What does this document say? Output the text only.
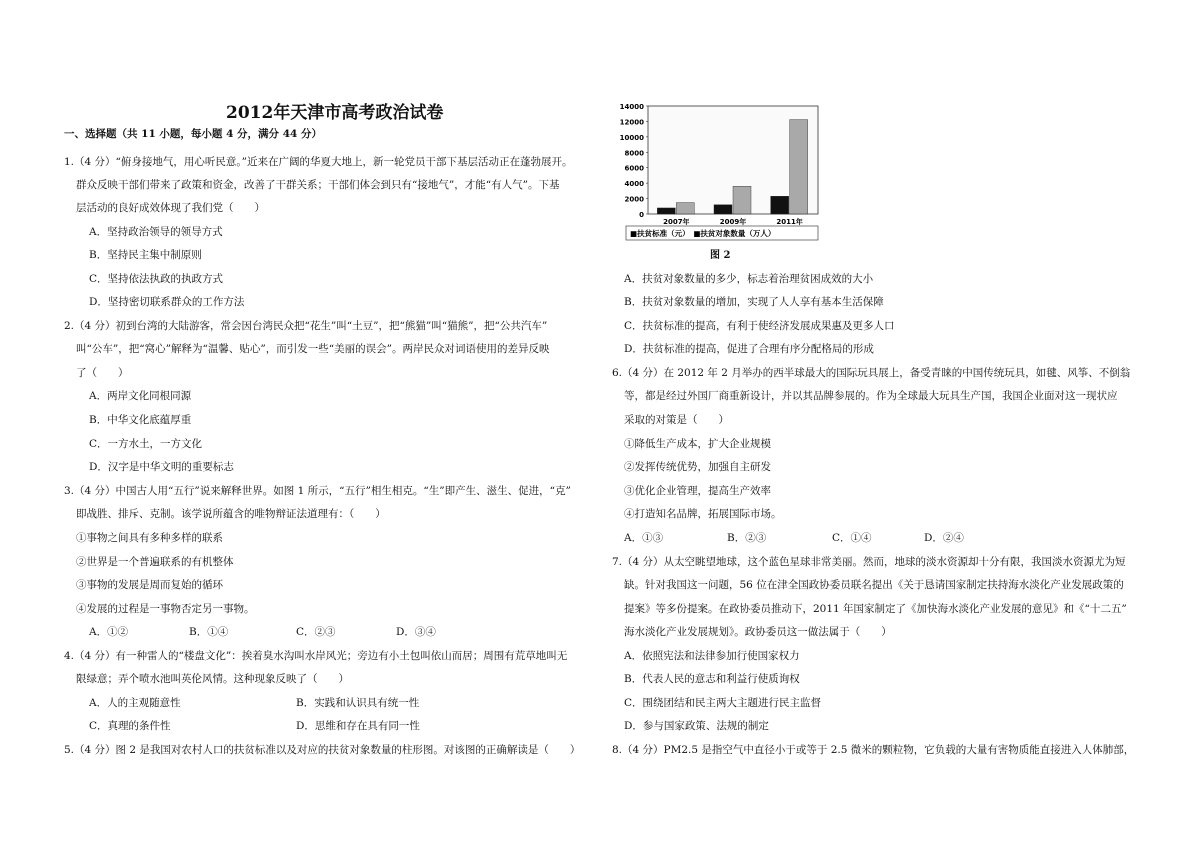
2012年天津市高考政治试卷
一、选择题（共 11 小题，每小题 4 分，满分 44 分）
1.（4 分）“俯身接地气，用心听民意。”近来在广阔的华夏大地上，新一轮党员干部下基层活动正在蓬勃展开。
群众反映干部们带来了政策和资金，改善了干群关系；干部们体会到只有“接地气”，才能“有人气”。下基
层活动的良好成效体现了我们党（　　）
A．坚持政治领导的领导方式
B．坚持民主集中制原则
C．坚持依法执政的执政方式
D．坚持密切联系群众的工作方法
2.（4 分）初到台湾的大陆游客，常会因台湾民众把“花生”叫“土豆”，把“熊猫”叫“猫熊”，把“公共汽车”
叫“公车”，把“窝心”解释为“温馨、贴心”，而引发一些“美丽的误会”。两岸民众对词语使用的差异反映
了（　　）
A．两岸文化同根同源
B．中华文化底蕴厚重
C．一方水土，一方文化
D．汉字是中华文明的重要标志
3.（4 分）中国古人用“五行”说来解释世界。如图 1 所示，“五行”相生相克。“生”即产生、滋生、促进，“克”
即战胜、排斥、克制。该学说所蕴含的唯物辩证法道理有：（　　）
①事物之间具有多种多样的联系
②世界是一个普遍联系的有机整体
③事物的发展是周而复始的循环
④发展的过程是一事物否定另一事物。
4.（4 分）有一种雷人的“楼盘文化”：挨着臭水沟叫水岸风光；旁边有小土包叫依山而居；周围有荒草地叫无
限绿意；弄个喷水池叫英伦风情。这种现象反映了（　　）
5.（4 分）图 2 是我国对农村人口的扶贫标准以及对应的扶贫对象数量的柱形图。对该图的正确解读是（　　）
A．①②	B．①④	C．②③	D．③④
A．人的主观随意性	B．实践和认识具有统一性
C．真理的条件性	D．思维和存在具有同一性
14000
12000
10000
8000
6000
4000
2000
0
2007年	2009年	2011年
■扶贫标准（元）　■扶贫对象数量（万人）
图 2
A．扶贫对象数量的多少，标志着治理贫困成效的大小
B．扶贫对象数量的增加，实现了人人享有基本生活保障
C．扶贫标准的提高，有利于使经济发展成果惠及更多人口
D．扶贫标准的提高，促进了合理有序分配格局的形成
6.（4 分）在 2012 年 2 月举办的西半球最大的国际玩具展上，备受青睐的中国传统玩具，如毽、风筝、不倒翁
等，都是经过外国厂商重新设计，并以其品牌参展的。作为全球最大玩具生产国，我国企业面对这一现状应
采取的对策是（　　）
①降低生产成本，扩大企业规模
②发挥传统优势，加强自主研发
③优化企业管理，提高生产效率
④打造知名品牌，拓展国际市场。
7.（4 分）从太空眺望地球，这个蓝色星球非常美丽。然而，地球的淡水资源却十分有限，我国淡水资源尤为短
缺。针对我国这一问题，56 位在津全国政协委员联名提出《关于恳请国家制定扶持海水淡化产业发展政策的
提案》等多份提案。在政协委员推动下，2011 年国家制定了《加快海水淡化产业发展的意见》和《“十二五”
海水淡化产业发展规划》。政协委员这一做法属于（　　）
A．依照宪法和法律参加行使国家权力
B．代表人民的意志和利益行使质询权
C．围绕团结和民主两大主题进行民主监督
D．参与国家政策、法规的制定
8.（4 分）PM2.5 是指空气中直径小于或等于 2.5 微米的颗粒物，它负载的大量有害物质能直接进入人体肺部，
A．①③	B．②③	C．①④	D．②④
